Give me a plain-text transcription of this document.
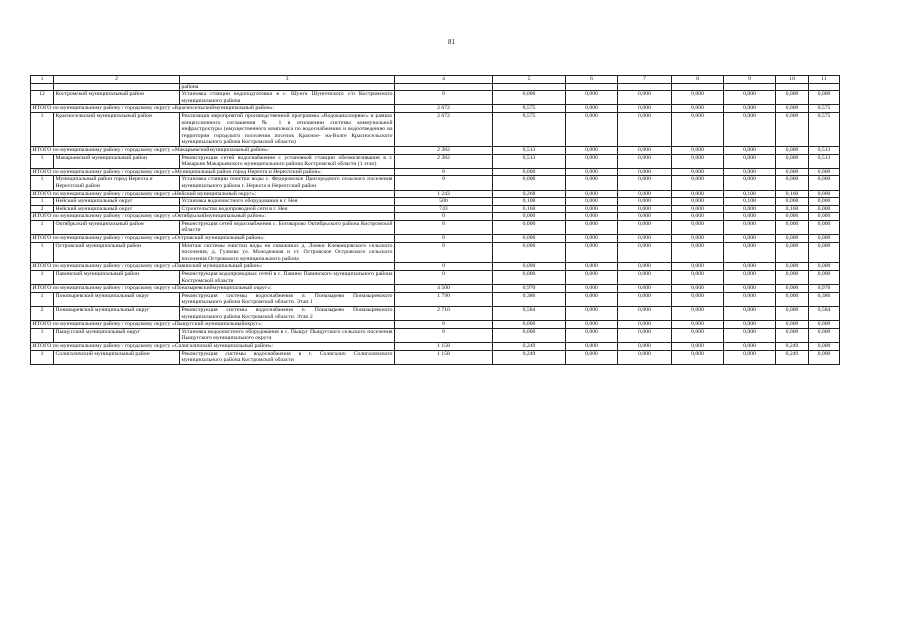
81
1	2	3	4	5	6	7	8	9	10	11
		района								
12	Костромской муниципальный район	Установка станции водоподготовки в с. Шунга Шунгенского с/п Костромского муниципального района	0	0,000	0,000	0,000	0,000	0,000	0,000	0,000
ИТОГО по муниципальному району / городскому округу «Красносельскиймуниципальный район»:			2 672	0,575	0,000	0,000	0,000	0,000	0,000	0,575
1	Красносельский муниципальный район	Реализация мероприятий производственной программы «Водоканалсервис» в рамках концессионного соглашения № 1 в отношении системы коммунальной инфраструктуры (имущественного комплекса по водоснабжению и водоотведению на территории городского поселения поселок Красное- на-Волге Красносельского муниципального района Костромской области)	2 672	0,575	0,000	0,000	0,000	0,000	0,000	0,575
ИТОГО по муниципальному району / городскому округу «Макарьевскиймуниципальный район»:			2 382	0,513	0,000	0,000	0,000	0,000	0,000	0,513
1	Макарьевский муниципальный район	Реконструкция сетей водоснабжения с установкой станции обезжелезивания в г. Макарьев Макарьевского муниципального района Костромской области (1 этап)	2 382	0,513	0,000	0,000	0,000	0,000	0,000	0,513
ИТОГО по муниципальному району / городскому округу «Муниципальный район город Нерехта и Нерехтский район»:			0	0,000	0,000	0,000	0,000	0,000	0,000	0,000
1	Муниципальный район город Нерехта и Нерехтский район	Установка станции очистки воды с. Федоровское Пригородного сельского поселения муниципального района г. Нерехта и Нерехтский район	0	0,000	0,000	0,000	0,000	0,000	0,000	0,000
ИТОГО по муниципальному району / городскому округу «Нейский муниципальный округ»:			1 243	0,268	0,000	0,000	0,000	0,108	0,160	0,000
1	Нейский муниципальный округ	Установка водоочистного оборудования в г. Нея	500	0,108	0,000	0,000	0,000	0,108	0,000	0,000
2	Нейский муниципальный округ	Строительство водопроводной сети в г. Нея	743	0,160	0,000	0,000	0,000	0,000	0,160	0,000
ИТОГО по муниципальному району / городскому округу «Октябрьскиймуниципальный район»:			0	0,000	0,000	0,000	0,000	0,000	0,000	0,000
1	Октябрьский муниципальный район	Реконструкция сетей водоснабжения с. Боговарово Октябрьского района Костромской области	0	0,000	0,000	0,000	0,000	0,000	0,000	0,000
ИТОГО по муниципальному району / городскому округу «Островский муниципальный район»:			0	0,000	0,000	0,000	0,000	0,000	0,000	0,000
1	Островский муниципальный район	Монтаж системы очистки воды на скважинах д. Ломки Клеванцовского сельского поселения, д. Гулкова ул. Молодежная и ст. Островское Островского сельского поселения Островского муниципального района	0	0,000	0,000	0,000	0,000	0,000	0,000	0,000
ИТОГО по муниципальному району / городскому округу «Павинский муниципальный район»:			0	0,000	0,000	0,000	0,000	0,000	0,000	0,000
1	Павинский муниципальный район	Реконструкция водопроводных сетей в с. Павино Павинского муниципального района Костромской области	0	0,000	0,000	0,000	0,000	0,000	0,000	0,000
ИТОГО по муниципальному району / городскому округу «Поназыревскиймуниципальный округ»:			4 500	0,970	0,000	0,000	0,000	0,000	0,000	0,970
1	Поназыревский муниципальный округ	Реконструкция системы водоснабжения п. Поназырево Поназыревского муниципального района Костромской области. Этап 1	1 790	0,386	0,000	0,000	0,000	0,000	0,000	0,386
2	Поназыревский муниципальный округ	Реконструкция системы водоснабжения п. Поназырево Поназыревского муниципального района Костромской области. Этап 2	2 710	0,584	0,000	0,000	0,000	0,000	0,000	0,584
ИТОГО по муниципальному району / городскому округу «Пыщугский муниципальныйокруг»:			0	0,000	0,000	0,000	0,000	0,000	0,000	0,000
1	Пыщугский муниципальный округ	Установка водоочистного оборудования в с. Пыщуг Пыщугского сельского поселения Пыщугского муниципального округа	0	0,000	0,000	0,000	0,000	0,000	0,000	0,000
ИТОГО по муниципальному району / городскому округу «Солигаличский муниципальный район»:			1 158	0,249	0,000	0,000	0,000	0,000	0,249	0,000
1	Солигаличский муниципальный район	Реконструкция системы водоснабжения в г. Солигалич Солигаличского муниципального района Костромской области	1 158	0,249	0,000	0,000	0,000	0,000	0,249	0,000
